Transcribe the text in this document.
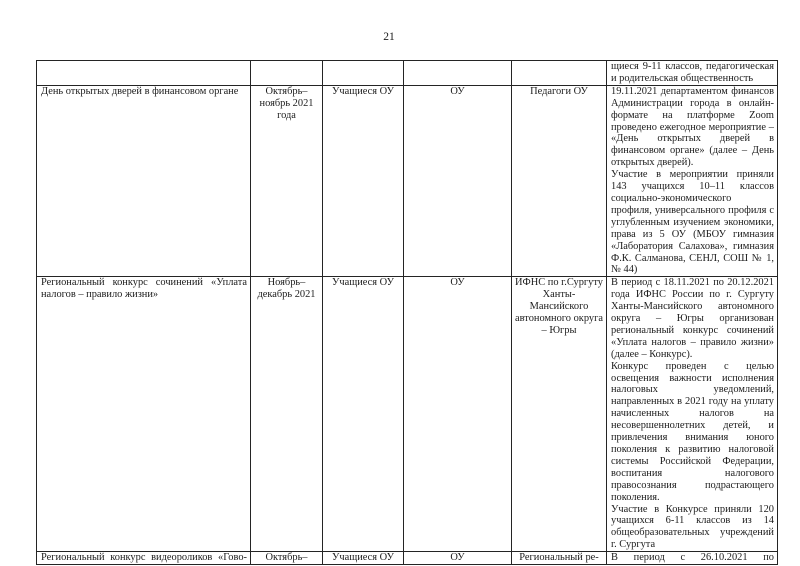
21

					щиеся 9-11 классов, педагогическая и родительская общественность

День открытых дверей в финансовом органе	Октябрь–ноябрь 2021 года	Учащиеся ОУ	ОУ	Педагоги ОУ	19.11.2021 департаментом финансов Администрации города в онлайн-формате на платформе Zoom проведено ежегодное мероприятие – «День открытых дверей в финансовом органе» (далее – День открытых дверей).
Участие в мероприятии приняли 143 учащихся 10–11 классов социально-экономического профиля, универсального профиля с углубленным изучением экономики, права из 5 ОУ (МБОУ гимназия «Лаборатория Салахова», гимназия Ф.К. Салманова, СЕНЛ, СОШ № 1, № 44)

Региональный конкурс сочинений «Уплата налогов – правило жизни»	Ноябрь–декабрь 2021	Учащиеся ОУ	ОУ	ИФНС по г.Сургуту Ханты-Мансийского автономного округа – Югры	В период с 18.11.2021 по 20.12.2021 года ИФНС России по г. Сургуту Ханты-Мансийского автономного округа – Югры организован региональный конкурс сочинений «Уплата налогов – правило жизни» (далее – Конкурс).
Конкурс проведен с целью освещения важности исполнения налоговых уведомлений, направленных в 2021 году на уплату начисленных налогов на несовершеннолетних детей, и привлечения внимания юного поколения к развитию налоговой системы Российской Федерации, воспитания налогового правосознания подрастающего поколения.
Участие в Конкурсе приняли 120 учащихся 6-11 классов из 14 общеобразовательных учреждений г. Сургута

Региональный конкурс видеороликов «Гово-	Октябрь–	Учащиеся ОУ	ОУ	Региональный ре-	В период с 26.10.2021 по
